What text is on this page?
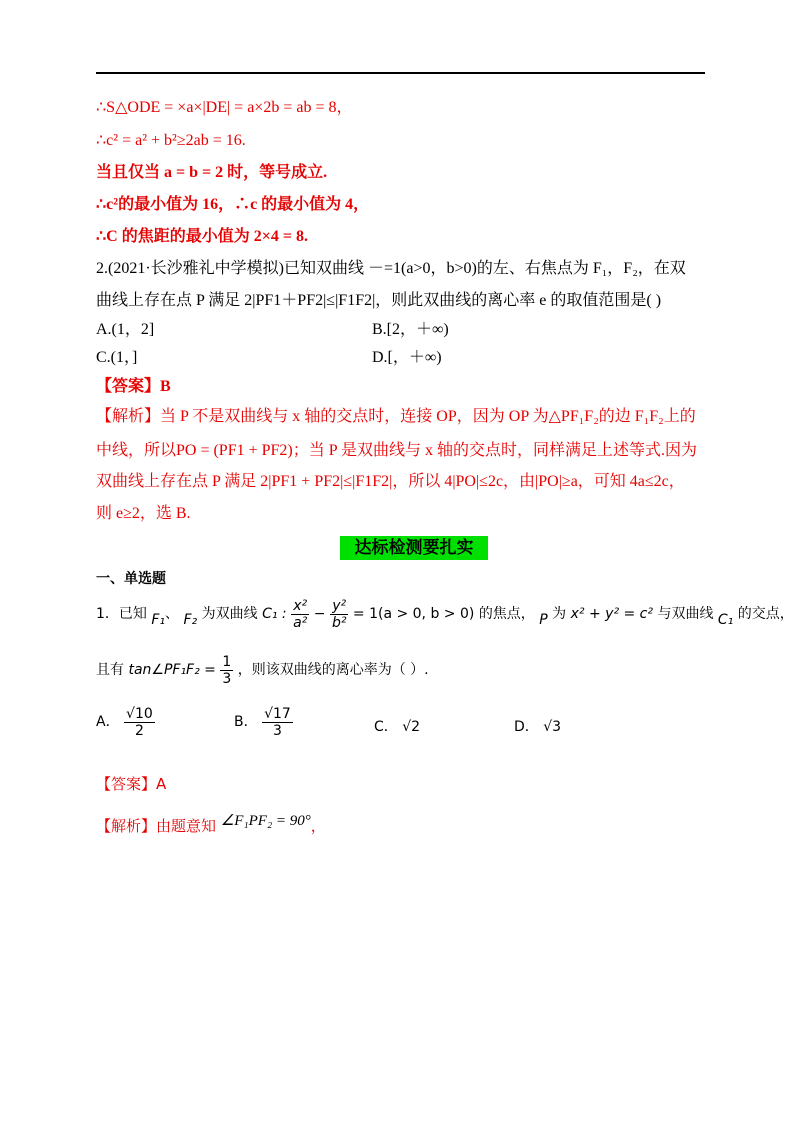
∴S△ODE = ×a×|DE| = a×2b = ab = 8，
∴c² = a² + b²≥2ab = 16.
当且仅当 a = b = 2 时，等号成立.
∴c²的最小值为 16，∴c 的最小值为 4，
∴C 的焦距的最小值为 2×4 = 8.
2.(2021·长沙雅礼中学模拟)已知双曲线 －=1(a>0，b>0)的左、右焦点为 F₁，F₂，在双
曲线上存在点 P 满足 2|PF1＋PF2|≤|F1F2|，则此双曲线的离心率 e 的取值范围是( )
A.(1，2]	B.[2，＋∞)
C.(1，]	D.[，＋∞)
【答案】B
【解析】当 P 不是双曲线与 x 轴的交点时，连接 OP，因为 OP 为△PF₁F₂的边 F₁F₂上的
中线，所以PO = (PF1 + PF2)；当 P 是双曲线与 x 轴的交点时，同样满足上述等式.因为
双曲线上存在点 P 满足 2|PF1 + PF2|≤|F1F2|，所以 4|PO|≤2c，由|PO|≥a，可知 4a≤2c，
则 e≥2，选 B.
达标检测要扎实
一、单选题
1．已知 F₁、 F₂ 为双曲线 C₁ : $\frac{\text{x²}}{\text{a²}} - \frac{\text{y²}}{\text{b²}} = 1(a > 0$, b > 0) 的焦点， P 为 x² + y² = c² 与双曲线 C₁ 的交点，
且有 tan∠PF₁F₂ = $\frac{1}{3}$ ，则该双曲线的离心率为（ ）.
A． $\frac{√10}{2}$	B． $\frac{√17}{3}$	C． √2	D． √3
【答案】A
【解析】由题意知 ∠F₁PF₂ = 90°，
